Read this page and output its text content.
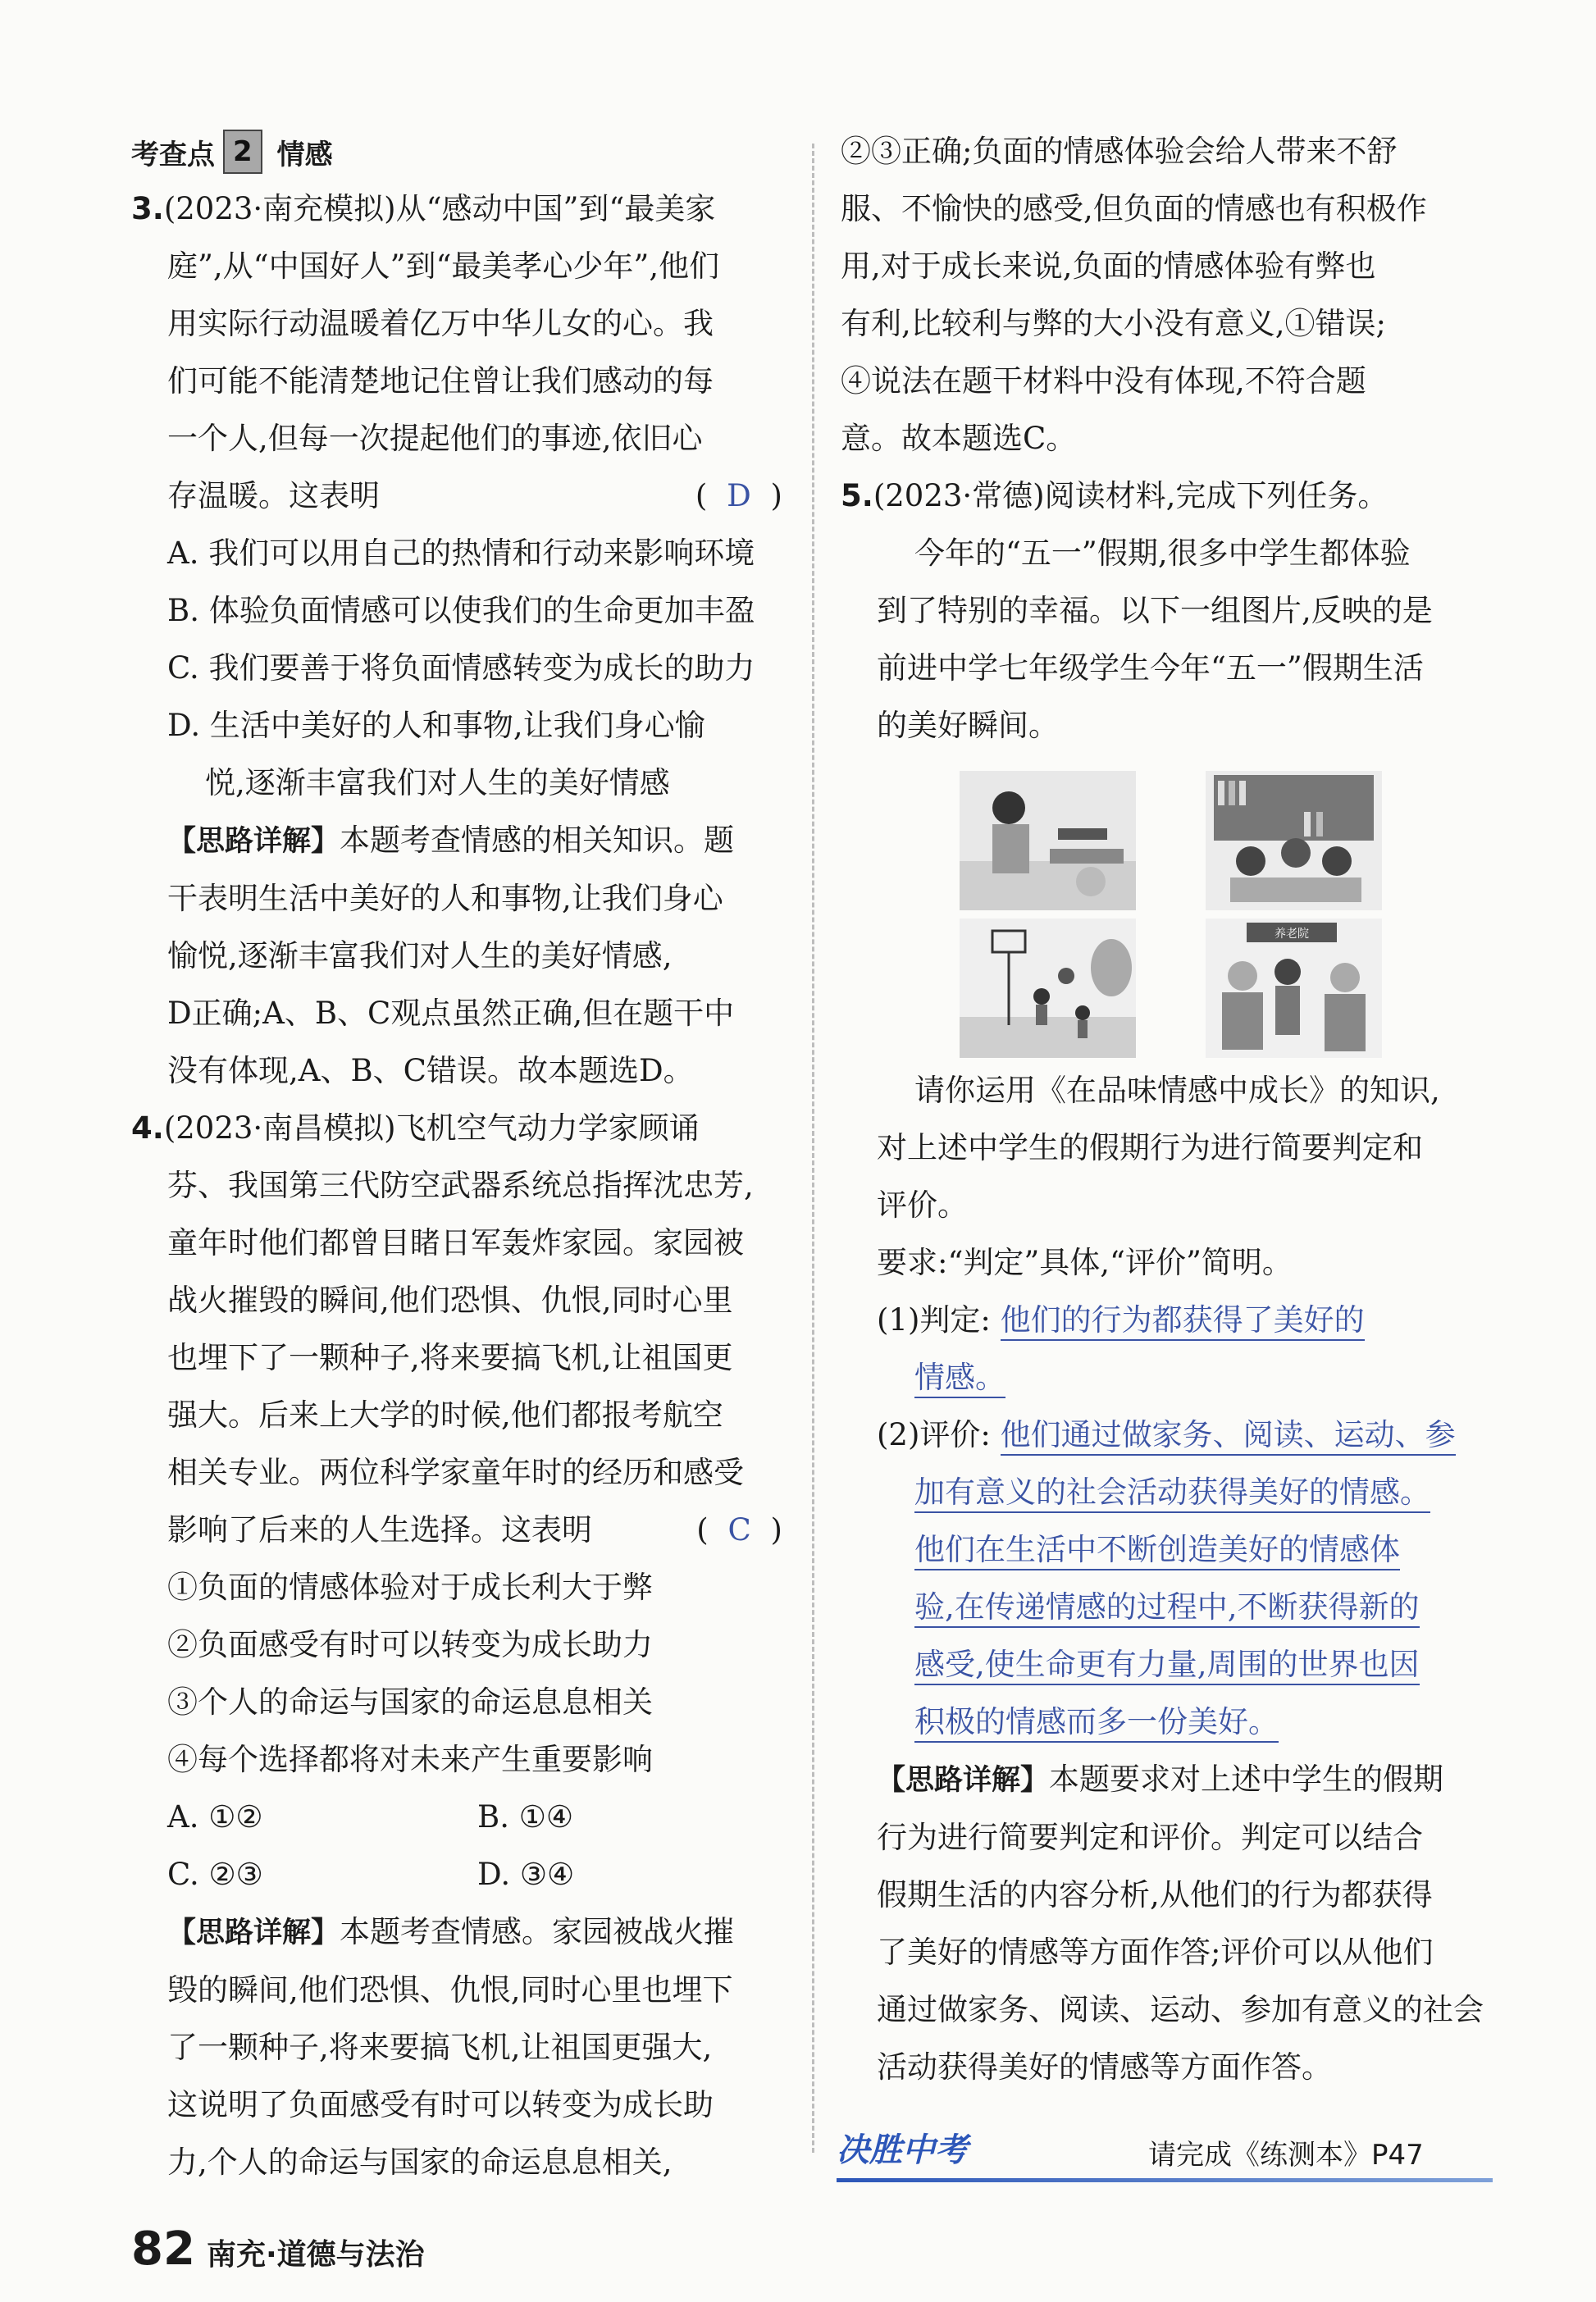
考查点 2 情感
3.(2023·南充模拟)从“感动中国”到“最美家
庭”,从“中国好人”到“最美孝心少年”,他们
用实际行动温暖着亿万中华儿女的心。我
们可能不能清楚地记住曾让我们感动的每
一个人,但每一次提起他们的事迹,依旧心
存温暖。这表明	( D )
A. 我们可以用自己的热情和行动来影响环境
B. 体验负面情感可以使我们的生命更加丰盈
C. 我们要善于将负面情感转变为成长的助力
D. 生活中美好的人和事物,让我们身心愉
悦,逐渐丰富我们对人生的美好情感
【思路详解】本题考查情感的相关知识。题
干表明生活中美好的人和事物,让我们身心
愉悦,逐渐丰富我们对人生的美好情感,
D正确;A、B、C观点虽然正确,但在题干中
没有体现,A、B、C错误。故本题选D。
4.(2023·南昌模拟)飞机空气动力学家顾诵
芬、我国第三代防空武器系统总指挥沈忠芳,
童年时他们都曾目睹日军轰炸家园。家园被
战火摧毁的瞬间,他们恐惧、仇恨,同时心里
也埋下了一颗种子,将来要搞飞机,让祖国更
强大。后来上大学的时候,他们都报考航空
相关专业。两位科学家童年时的经历和感受
影响了后来的人生选择。这表明	( C )
①负面的情感体验对于成长利大于弊
②负面感受有时可以转变为成长助力
③个人的命运与国家的命运息息相关
④每个选择都将对未来产生重要影响
A. ①②	B. ①④
C. ②③	D. ③④
【思路详解】本题考查情感。家园被战火摧
毁的瞬间,他们恐惧、仇恨,同时心里也埋下
了一颗种子,将来要搞飞机,让祖国更强大,
这说明了负面感受有时可以转变为成长助
力,个人的命运与国家的命运息息相关,
②③正确;负面的情感体验会给人带来不舒
服、不愉快的感受,但负面的情感也有积极作
用,对于成长来说,负面的情感体验有弊也
有利,比较利与弊的大小没有意义,①错误;
④说法在题干材料中没有体现,不符合题
意。故本题选C。
5.(2023·常德)阅读材料,完成下列任务。
今年的“五一”假期,很多中学生都体验
到了特别的幸福。以下一组图片,反映的是
前进中学七年级学生今年“五一”假期生活
的美好瞬间。
养老院
请你运用《在品味情感中成长》的知识,
对上述中学生的假期行为进行简要判定和
评价。
要求:“判定”具体,“评价”简明。
(1)判定: 他们的行为都获得了美好的
情感。
(2)评价: 他们通过做家务、阅读、运动、参
加有意义的社会活动获得美好的情感。
他们在生活中不断创造美好的情感体
验,在传递情感的过程中,不断获得新的
感受,使生命更有力量,周围的世界也因
积极的情感而多一份美好。
【思路详解】本题要求对上述中学生的假期
行为进行简要判定和评价。判定可以结合
假期生活的内容分析,从他们的行为都获得
了美好的情感等方面作答;评价可以从他们
通过做家务、阅读、运动、参加有意义的社会
活动获得美好的情感等方面作答。
决胜中考	请完成《练测本》P47
82 南充·道德与法治
